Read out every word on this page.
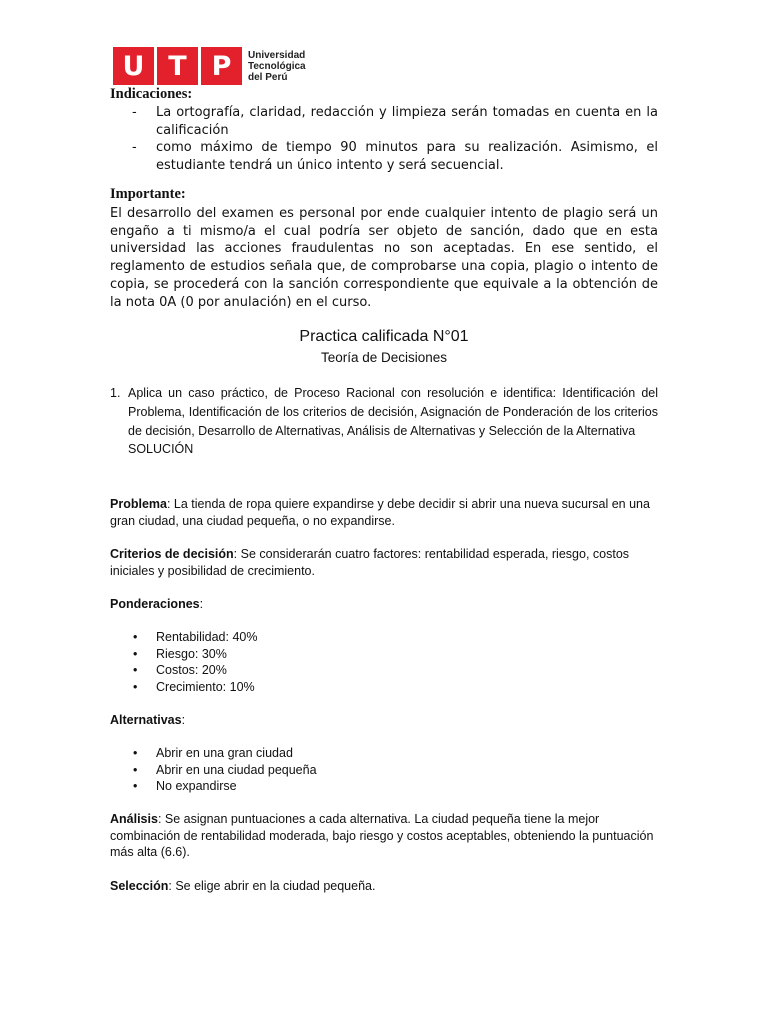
U T P	Universidad
Tecnológica
del Perú
Indicaciones:
- La ortografía, claridad, redacción y limpieza serán tomadas en cuenta en la calificación
- como máximo de tiempo 90 minutos para su realización. Asimismo, el estudiante tendrá un único intento y será secuencial.
Importante:
El desarrollo del examen es personal por ende cualquier intento de plagio será un engaño a ti mismo/a el cual podría ser objeto de sanción, dado que en esta universidad las acciones fraudulentas no son aceptadas. En ese sentido, el reglamento de estudios señala que, de comprobarse una copia, plagio o intento de copia, se procederá con la sanción correspondiente que equivale a la obtención de la nota 0A (0 por anulación) en el curso.
Practica calificada N°01
Teoría de Decisiones
1. Aplica un caso práctico, de Proceso Racional con resolución e identifica: Identificación del Problema, Identificación de los criterios de decisión, Asignación de Ponderación de los criterios de decisión, Desarrollo de Alternativas, Análisis de Alternativas y Selección de la Alternativa
SOLUCIÓN
Problema: La tienda de ropa quiere expandirse y debe decidir si abrir una nueva sucursal en una gran ciudad, una ciudad pequeña, o no expandirse.
Criterios de decisión: Se considerarán cuatro factores: rentabilidad esperada, riesgo, costos iniciales y posibilidad de crecimiento.
Ponderaciones:
• Rentabilidad: 40%
• Riesgo: 30%
• Costos: 20%
• Crecimiento: 10%
Alternativas:
• Abrir en una gran ciudad
• Abrir en una ciudad pequeña
• No expandirse
Análisis: Se asignan puntuaciones a cada alternativa. La ciudad pequeña tiene la mejor combinación de rentabilidad moderada, bajo riesgo y costos aceptables, obteniendo la puntuación más alta (6.6).
Selección: Se elige abrir en la ciudad pequeña.
